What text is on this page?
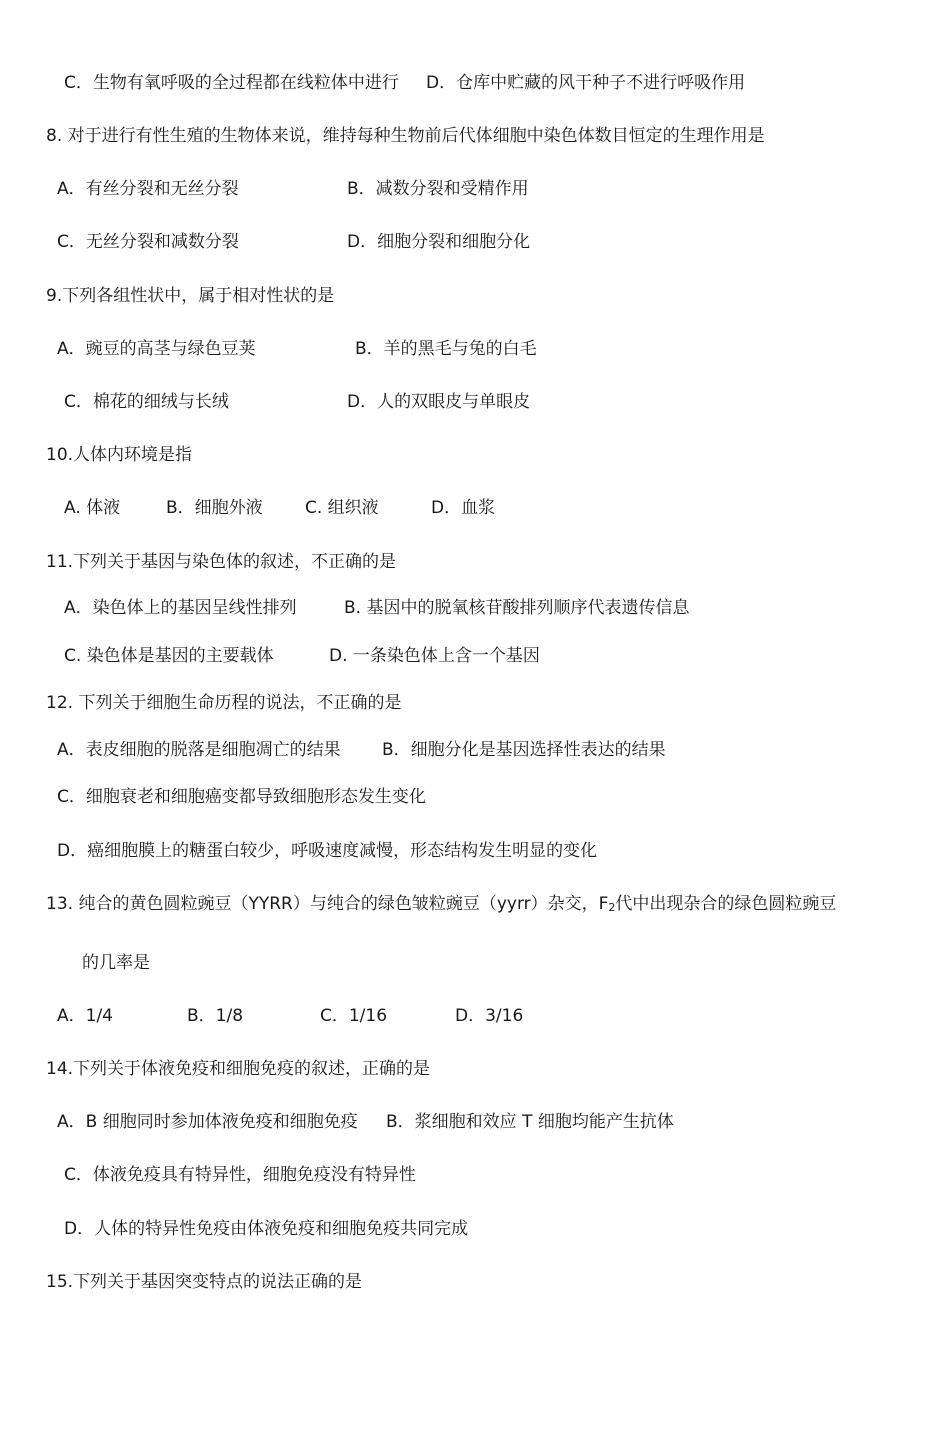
C．生物有氧呼吸的全过程都在线粒体中进行 D．仓库中贮藏的风干种子不进行呼吸作用
8. 对于进行有性生殖的生物体来说，维持每种生物前后代体细胞中染色体数目恒定的生理作用是
A．有丝分裂和无丝分裂	B．减数分裂和受精作用
C．无丝分裂和减数分裂	D．细胞分裂和细胞分化
9.下列各组性状中，属于相对性状的是
A．豌豆的高茎与绿色豆荚	B．羊的黑毛与兔的白毛
C．棉花的细绒与长绒	D．人的双眼皮与单眼皮
10.人体内环境是指
A. 体液	B．细胞外液 C. 组织液	D．血浆
11.下列关于基因与染色体的叙述，不正确的是
A．染色体上的基因呈线性排列	B. 基因中的脱氧核苷酸排列顺序代表遗传信息
C. 染色体是基因的主要载体	D. 一条染色体上含一个基因
12. 下列关于细胞生命历程的说法，不正确的是
A．表皮细胞的脱落是细胞凋亡的结果 B．细胞分化是基因选择性表达的结果
C．细胞衰老和细胞癌变都导致细胞形态发生变化
D．癌细胞膜上的糖蛋白较少，呼吸速度减慢，形态结构发生明显的变化
13. 纯合的黄色圆粒豌豆（YYRR）与纯合的绿色皱粒豌豆（yyrr）杂交，$F_2$代中出现杂合的绿色圆粒豌豆
的几率是
A．1/4	B．1/8	C．1/16	D．3/16
14.下列关于体液免疫和细胞免疫的叙述，正确的是
A．B 细胞同时参加体液免疫和细胞免疫 B．浆细胞和效应 T 细胞均能产生抗体
C．体液免疫具有特异性，细胞免疫没有特异性
D．人体的特异性免疫由体液免疫和细胞免疫共同完成
15.下列关于基因突变特点的说法正确的是
